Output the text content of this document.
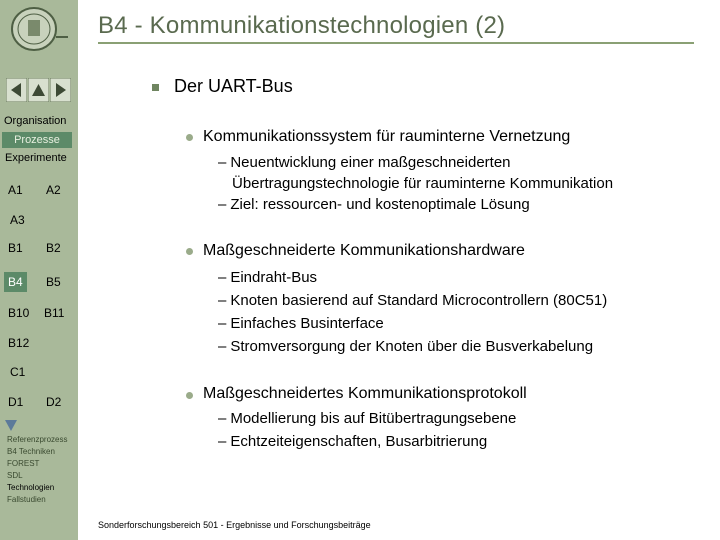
Organisation
Prozesse
Experimente
A1 A2
A3
B1 B2
B4	B5
B10 B11
B12
C1
D1 D2
Referenzprozess
B4 Techniken
FOREST
SDL
Technologien
Fallstudien
B4 - Kommunikationstechnologien (2)
Der UART-Bus
Kommunikationssystem für rauminterne Vernetzung
– Neuentwicklung einer maßgeschneiderten
Übertragungstechnologie für rauminterne Kommunikation
– Ziel: ressourcen- und kostenoptimale Lösung
Maßgeschneiderte Kommunikationshardware
– Eindraht-Bus
– Knoten basierend auf Standard Microcontrollern (80C51)
– Einfaches Businterface
– Stromversorgung der Knoten über die Busverkabelung
Maßgeschneidertes Kommunikationsprotokoll
– Modellierung bis auf Bitübertragungsebene
– Echtzeiteigenschaften, Busarbitrierung
Sonderforschungsbereich 501 - Ergebnisse und Forschungsbeiträge
